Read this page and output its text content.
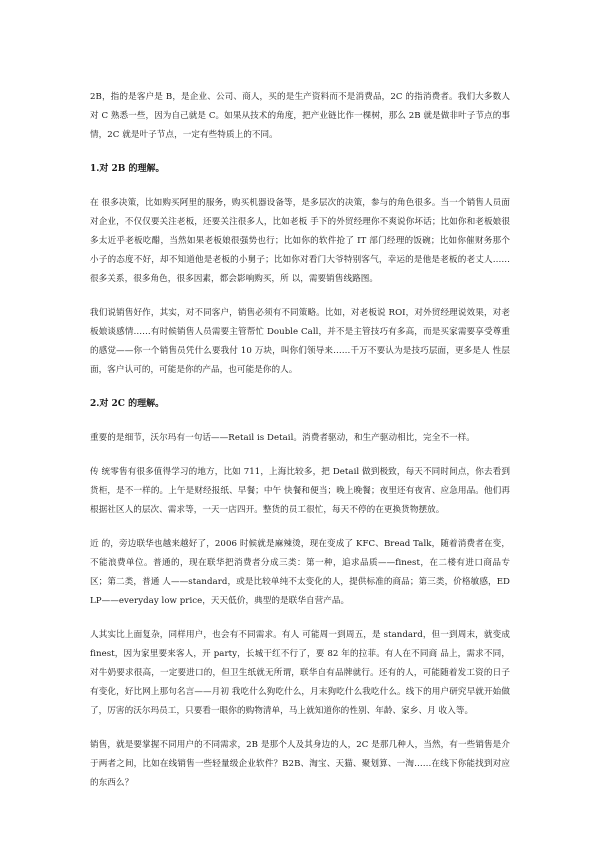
2B，指的是客户是 B，是企业、公司、商人，买的是生产资料而不是消费品，2C 的指消费者。我们大多数人对 C 熟悉一些，因为自己就是 C。如果从技术的角度，把产业链比作一棵树，那么 2B 就是做非叶子节点的事情，2C 就是叶子节点，一定有些特质上的不同。

1.对 2B 的理解。

在 很多决策，比如购买阿里的服务，购买机器设备等，是多层次的决策，参与的角色很多。当一个销售人员面对企业，不仅仅要关注老板，还要关注很多人，比如老板 手下的外贸经理你不爽说你坏话；比如你和老板娘很多太近乎老板吃醋，当然如果老板娘很强势也行；比如你的软件抢了 IT 部门经理的饭碗；比如你催财务那个 小子的态度不好，却不知道他是老板的小舅子；比如你对看门大爷特别客气，幸运的是他是老板的老丈人……很多关系，很多角色，很多因素，都会影响购买，所 以，需要销售线路图。

我们说销售好作，其实，对不同客户，销售必须有不同策略。比如，对老板说 ROI，对外贸经理说效果，对老板娘谈感情……有时候销售人员需要主管帮忙 Double Call，并不是主管技巧有多高，而是买家需要享受尊重的感觉——你一个销售员凭什么要我付 10 万块，叫你们领导来……千万不要认为是技巧层面，更多是人 性层面，客户认可的，可能是你的产品，也可能是你的人。

2.对 2C 的理解。

重要的是细节，沃尔玛有一句话——Retail is Detail。消费者驱动，和生产驱动相比，完全不一样。

传 统零售有很多值得学习的地方，比如 711，上海比较多，把 Detail 做到极致，每天不同时间点，你去看到货柜，是不一样的。上午是财经报纸、早餐；中午 快餐和便当；晚上晚餐；夜里还有夜宵、应急用品。他们再根据社区人的层次、需求等，一天一店四开。整货的员工很忙，每天不停的在更换货物摆放。

近 的，旁边联华也越来越好了，2006 时候就是麻辣烫，现在变成了 KFC、Bread Talk，随着消费者在变，不能浪费单位。普通的，现在联华把消费者分成三类：第一种，追求品质——finest，在二楼有进口商品专区；第二类，普通 人——standard，或是比较单纯不太变化的人，提供标准的商品；第三类，价格敏感，EDLP——everyday low price，天天低价，典型的是联华自营产品。

人其实比上面复杂，同样用户，也会有不同需求。有人 可能周一到周五，是 standard，但一到周末，就变成 finest，因为家里要来客人，开 party，长城干红不行了，要 82 年的拉菲。有人在不同商 品上，需求不同，对牛奶要求很高，一定要进口的，但卫生纸就无所谓，联华自有品牌就行。还有的人，可能随着发工资的日子有变化，好比网上那句名言——月初 我吃什么狗吃什么，月末狗吃什么我吃什么。线下的用户研究早就开始做了，厉害的沃尔玛员工，只要看一眼你的购物清单，马上就知道你的性别、年龄、家乡、月 收入等。

销售，就是要掌握不同用户的不同需求，2B 是那个人及其身边的人，2C 是那几种人，当然，有一些销售是介于两者之间，比如在线销售一些轻量级企业软件？B2B、淘宝、天猫、聚划算、一淘……在线下你能找到对应的东西么？
